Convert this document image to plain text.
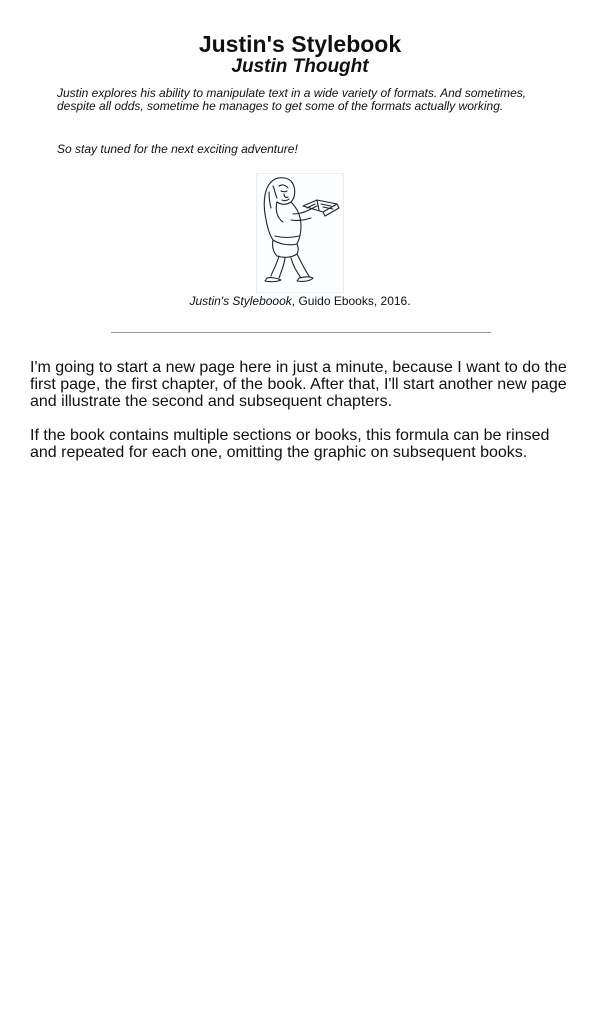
Justin's Stylebook
Justin Thought

Justin explores his ability to manipulate text in a wide variety of formats. And sometimes, despite all odds, sometime he manages to get some of the formats actually working.

So stay tuned for the next exciting adventure!

Justin's Styleboook, Guido Ebooks, 2016.

I'm going to start a new page here in just a minute, because I want to do the first page, the first chapter, of the book. After that, I'll start another new page and illustrate the second and subsequent chapters.

If the book contains multiple sections or books, this formula can be rinsed and repeated for each one, omitting the graphic on subsequent books.
